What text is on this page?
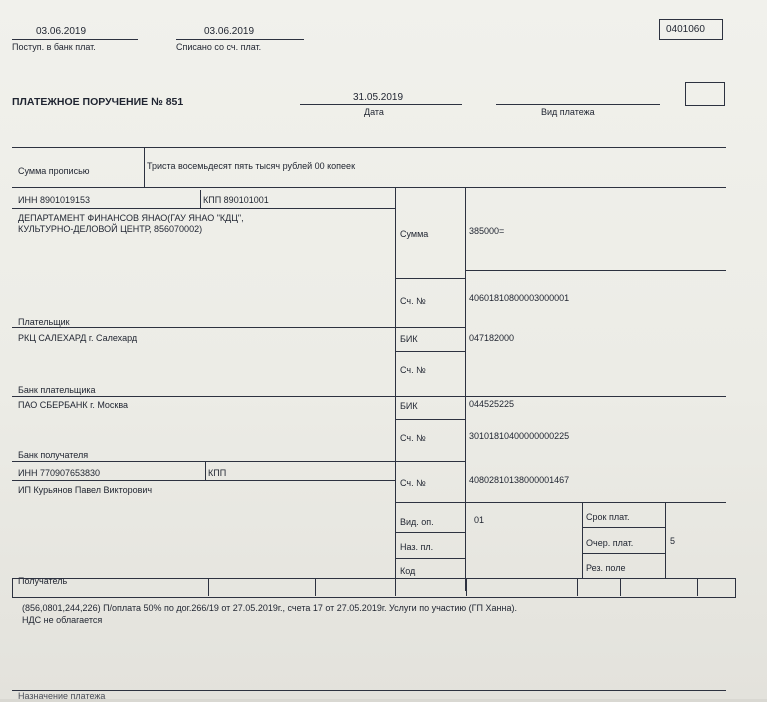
03.06.2019
Поступ. в банк плат.
03.06.2019
Списано со сч. плат.
0401060
ПЛАТЕЖНОЕ ПОРУЧЕНИЕ № 851	31.05.2019
Дата	Вид платежа
Сумма прописью	Триста восемьдесят пять тысяч рублей 00 копеек
ИНН 8901019153	КПП 890101001
ДЕПАРТАМЕНТ ФИНАНСОВ ЯНАО(ГАУ ЯНАО "КДЦ",
КУЛЬТУРНО-ДЕЛОВОЙ ЦЕНТР, 856070002)
Плательщик
Сумма	385000=
Сч. №	40601810800003000001
РКЦ САЛЕХАРД г. Салехард	БИК	047182000
Сч. №
Банк плательщика
ПАО СБЕРБАНК г. Москва	БИК	044525225
Сч. №	30101810400000000225
Банк получателя
ИНН 770907653830	КПП
ИП Курьянов Павел Викторович
Сч. №	40802810138000001467
Получатель
Вид. оп.	01
Наз. пл.
Код
Срок плат.
Очер. плат.	5
Рез. поле
(856,0801,244,226) П/оплата 50% по дог.266/19 от 27.05.2019г., счета 17 от 27.05.2019г. Услуги по участию (ГП Ханна).
НДС не облагается
Назначение платежа
